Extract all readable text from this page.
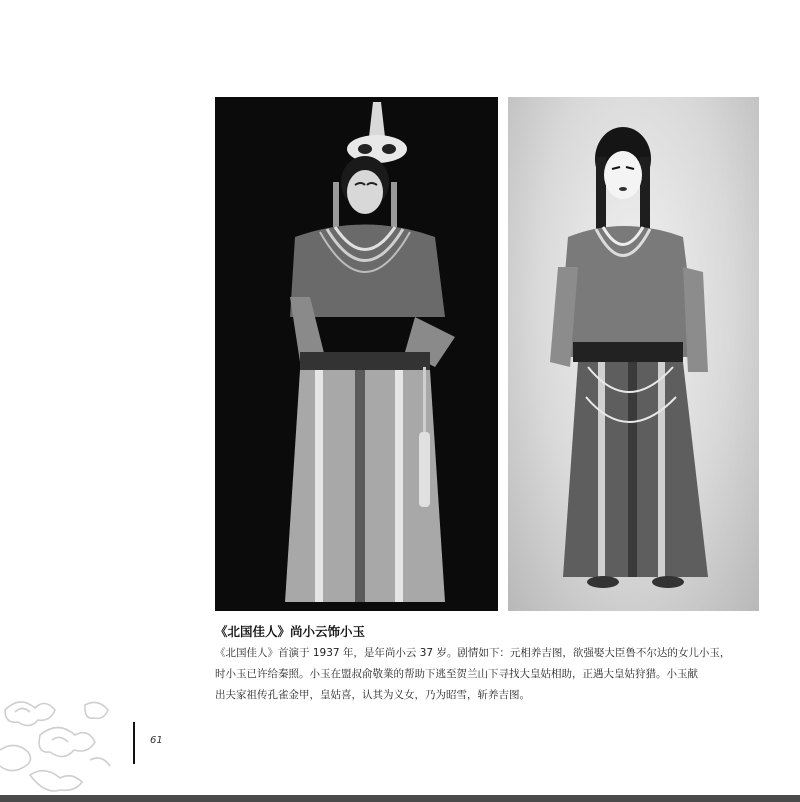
《北国佳人》尚小云饰小玉
《北国佳人》首演于 1937 年，是年尚小云 37 岁。剧情如下：元相养吉图，欲强娶大臣鲁不尔达的女儿小玉，
时小玉已许给秦照。小玉在盟叔俞敬業的帮助下逃至贺兰山下寻找大皇姑相助，正遇大皇姑狩猎。小玉献
出夫家祖传孔雀金甲，皇姑喜，认其为义女，乃为昭雪，斩养吉图。
61
